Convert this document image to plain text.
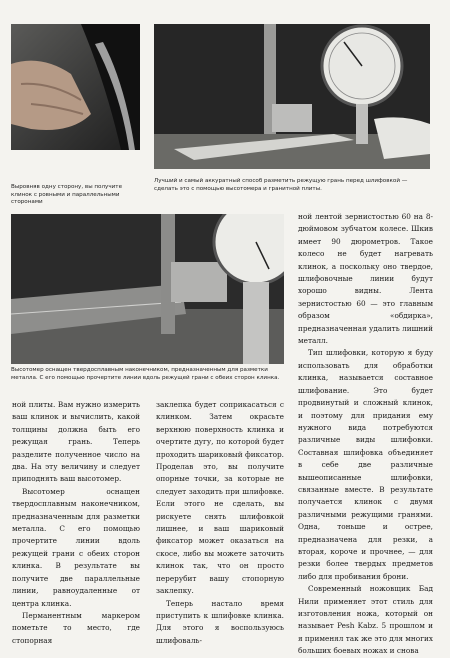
Выровняв одну сторону, вы получите клинок с ровными и параллельными сторонами
Лучший и самый аккуратный способ разметить режущую грань перед шлифовкой — сделать это с помощью высотомера и гранитной плиты.
Высотомер оснащен твердосплавным наконечником, предназначенным для разметки металла. С его помощью прочертите линии вдоль режущей грани с обеих сторон клинка.

ной лентой зернистостью 60 на 8-дюймовом зубчатом колесе. Шкив имеет 90 дюрометров. Такое колесо не будет нагревать клинок, а поскольку оно твердое, шлифовочные линии будут хорошо видны. Лента зернистостью 60 — это главным образом «обдирка», предназначенная удалить лишний металл.

Тип шлифовки, которую я буду использовать для обработки клинка, называется составное шлифование. Это будет продвинутый и сложный клинок, и поэтому для придания ему нужного вида потребуются различные виды шлифовки. Составная шлифовка объединяет в себе две различные вышеописанные шлифовки, связанные вместе. В результате получается клинок с двумя различными режущими гранями. Одна, тоньше и острее, предназначена для резки, а вторая, короче и прочнее, — для резки более твердых предметов либо для пробивания брони.

Современный ножовщик Бад Нили применяет этот стиль для изготовления ножа, который он называет Pesh Kabz. 5 прошлом и я применял так же это для многих больших боевых ножах и снова

ной плиты. Вам нужно измерить ваш клинок и вычислить, какой толщины должна быть его режущая грань. Теперь разделите полученное число на два. На эту величину и следует приподнять ваш высотомер.

Высотомер оснащен твердосплавным наконечником, предназначенным для разметки металла. С его помощью прочертите линии вдоль режущей грани с обеих сторон клинка. В результате вы получите две параллельные линии, равноудаленные от центра клинка.

Перманентным маркером пометьте то место, где стопорная

заклепка будет соприкасаться с клинком. Затем окрасьте верхнюю поверхность клинка и очертите дугу, по которой будет проходить шариковый фиксатор. Проделав это, вы получите опорные точки, за которые не следует заходить при шлифовке. Если этого не сделать, вы рискуете снять шлифовкой лишнее, и ваш шариковый фиксатор может оказаться на скосе, либо вы можете заточить клинок так, что он просто перерубит вашу стопорную заклепку.

Теперь настало время приступить к шлифовке клинка. Для этого я воспользуюсь шлифоваль-
